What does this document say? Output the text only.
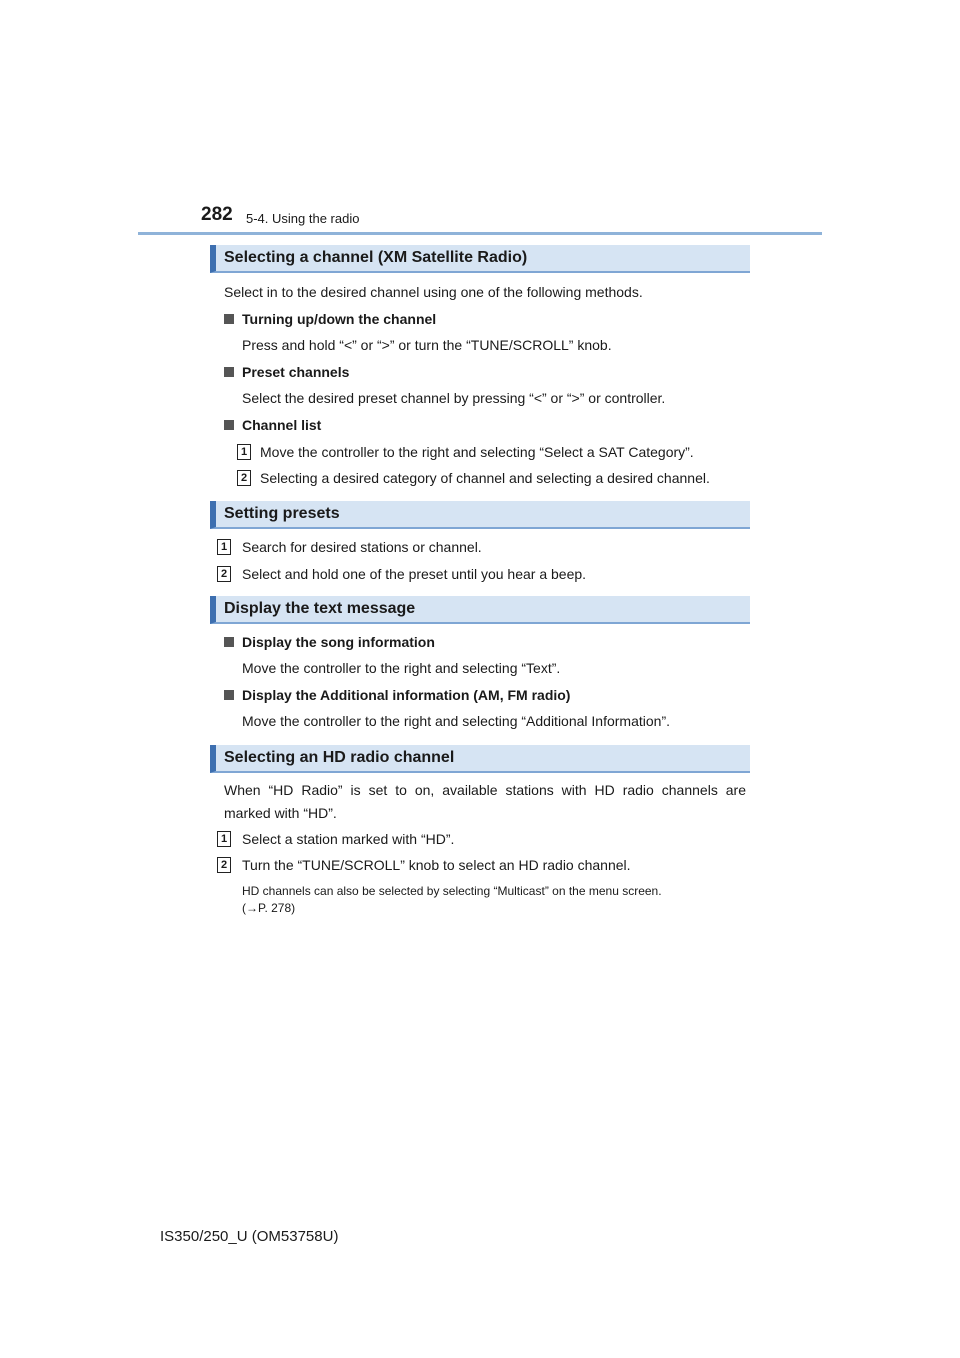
282 5-4. Using the radio
Selecting a channel (XM Satellite Radio)
Select in to the desired channel using one of the following methods.
Turning up/down the channel
Press and hold “<” or “>” or turn the “TUNE/SCROLL” knob.
Preset channels
Select the desired preset channel by pressing “<” or “>” or controller.
Channel list
1 Move the controller to the right and selecting “Select a SAT Category”.
2 Selecting a desired category of channel and selecting a desired channel.
Setting presets
1 Search for desired stations or channel.
2 Select and hold one of the preset until you hear a beep.
Display the text message
Display the song information
Move the controller to the right and selecting “Text”.
Display the Additional information (AM, FM radio)
Move the controller to the right and selecting “Additional Information”.
Selecting an HD radio channel
When “HD Radio” is set to on, available stations with HD radio channels are
marked with “HD”.
1 Select a station marked with “HD”.
2 Turn the “TUNE/SCROLL” knob to select an HD radio channel.
HD channels can also be selected by selecting “Multicast” on the menu screen.
(→P. 278)
IS350/250_U (OM53758U)
